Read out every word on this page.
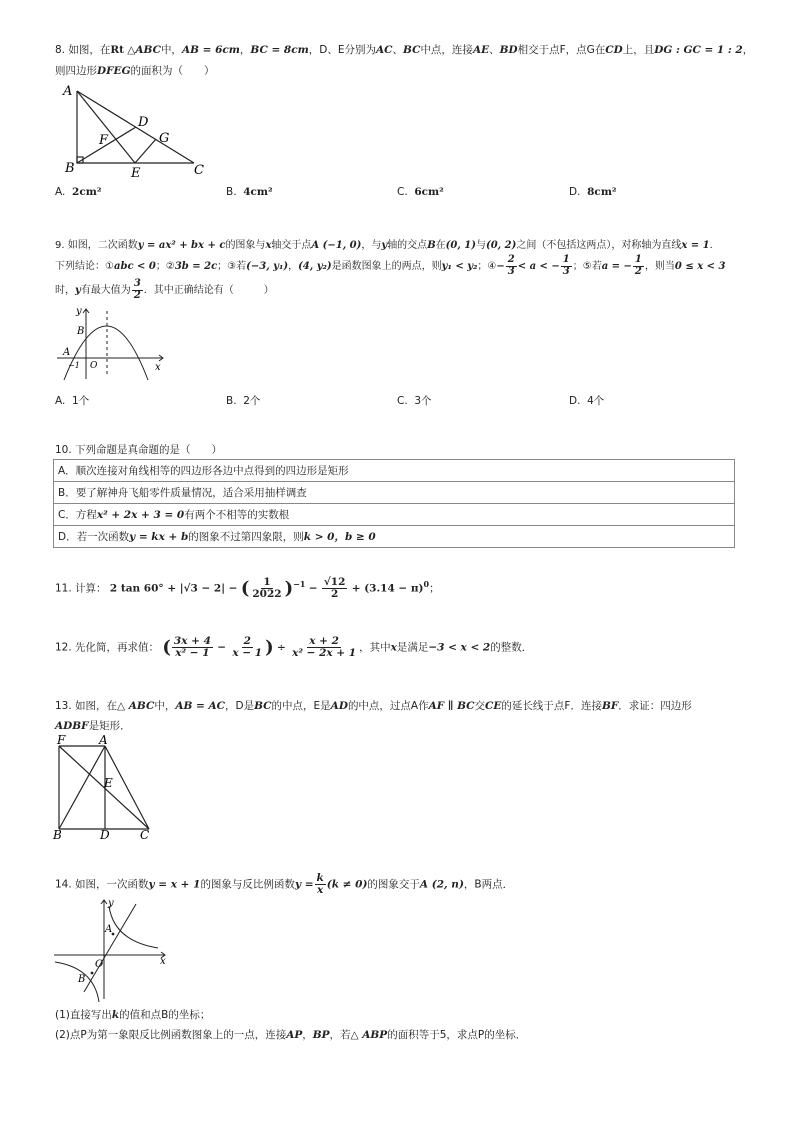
8. 如图，在Rt △ABC中，AB = 6cm，BC = 8cm，D、E分别为AC、BC中点，连接AE、BD相交于点F，点G在CD上，且DG : GC = 1 : 2，
则四边形DFEG的面积为（　　）
A
B	C
D
E
F	G
A. 2cm²	B. 4cm²	C. 6cm²	D. 8cm²
9. 如图，二次函数y = ax² + bx + c的图象与x轴交于点A (−1, 0)，与y轴的交点B在(0, 1)与(0, 2)之间（不包括这两点），对称轴为直线x = 1．
下列结论：①abc < 0；②3b = 2c；③若(−3, y₁)，(4, y₂)是函数图象上的两点，则y₁ < y₂；④− $\frac{2}{3} < a$ < − $\frac{1}{3}$ ；⑤若a = − $\frac{1}{2}$ ，则当0 ≤ x < 3
时，y有最大值为 $\frac{3}{2}$ ．其中正确结论有（　　　）
y
B
A
−1 O	x
A. 1个	B. 2个	C. 3个	D. 4个
10. 下列命题是真命题的是（　　）
A．顺次连接对角线相等的四边形各边中点得到的四边形是矩形
B．要了解神舟飞船零件质量情况，适合采用抽样调查
C．方程x² + 2x + 3 = 0有两个不相等的实数根
D．若一次函数y = kx + b的图象不过第四象限，则k > 0，b ≥ 0
11. 计算： 2 tan 60° + |√3 − 2| − ( $\frac{1}{2022} )^{-1} - \frac{√12}{2} + (3.14 - \pi)^0$；
12. 先化简，再求值： ( $\frac{3x + 4}{\text{x² − 1}} - \frac{2}{x - 1}$ ) ÷ $\frac{x + 2}{\text{x² − 2x + 1}}$ ，其中x是满足−3 < x < 2的整数．
13. 如图，在△ ABC中，AB = AC，D是BC的中点，E是AD的中点，过点A作AF ∥ BC交CE的延长线于点F．连接BF．求证：四边形
ADBF是矩形．
F	A
E
B	D	C
14. 如图，一次函数y = x + 1的图象与反比例函数$y = \frac{k}{x} (k \ne 0)$的图象交于A (2, n)，B两点．
y
A
O
B
x
(1)直接写出k的值和点B的坐标；
(2)点P为第一象限反比例函数图象上的一点，连接AP，BP，若△ ABP的面积等于5，求点P的坐标．
